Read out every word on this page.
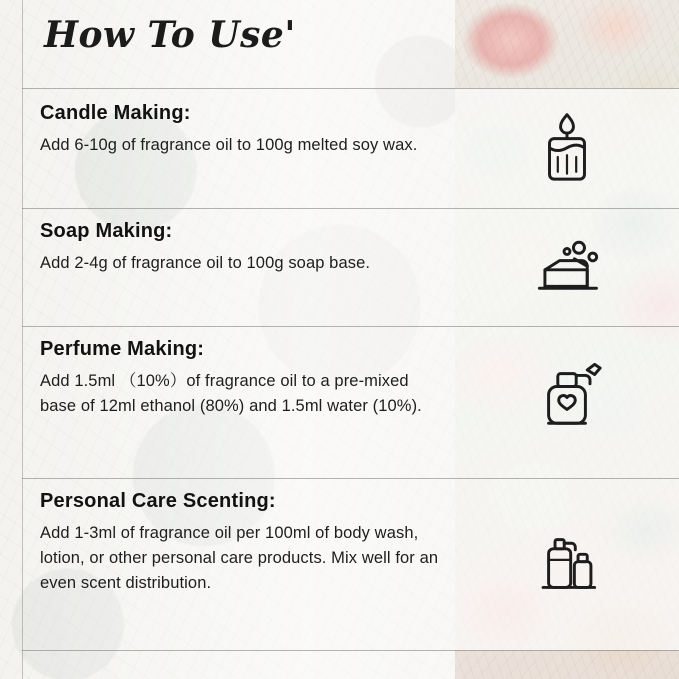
How To Use'
Candle Making:

Add 6-10g of fragrance oil to 100g melted soy wax.

Soap Making:

Add 2-4g of fragrance oil to 100g soap base.

Perfume Making:

Add 1.5ml （10%）of fragrance oil to a pre-mixed base of 12ml ethanol (80%) and 1.5ml water (10%).

Personal Care Scenting:

Add 1-3ml of fragrance oil per 100ml of body wash, lotion, or other personal care products. Mix well for an even scent distribution.
